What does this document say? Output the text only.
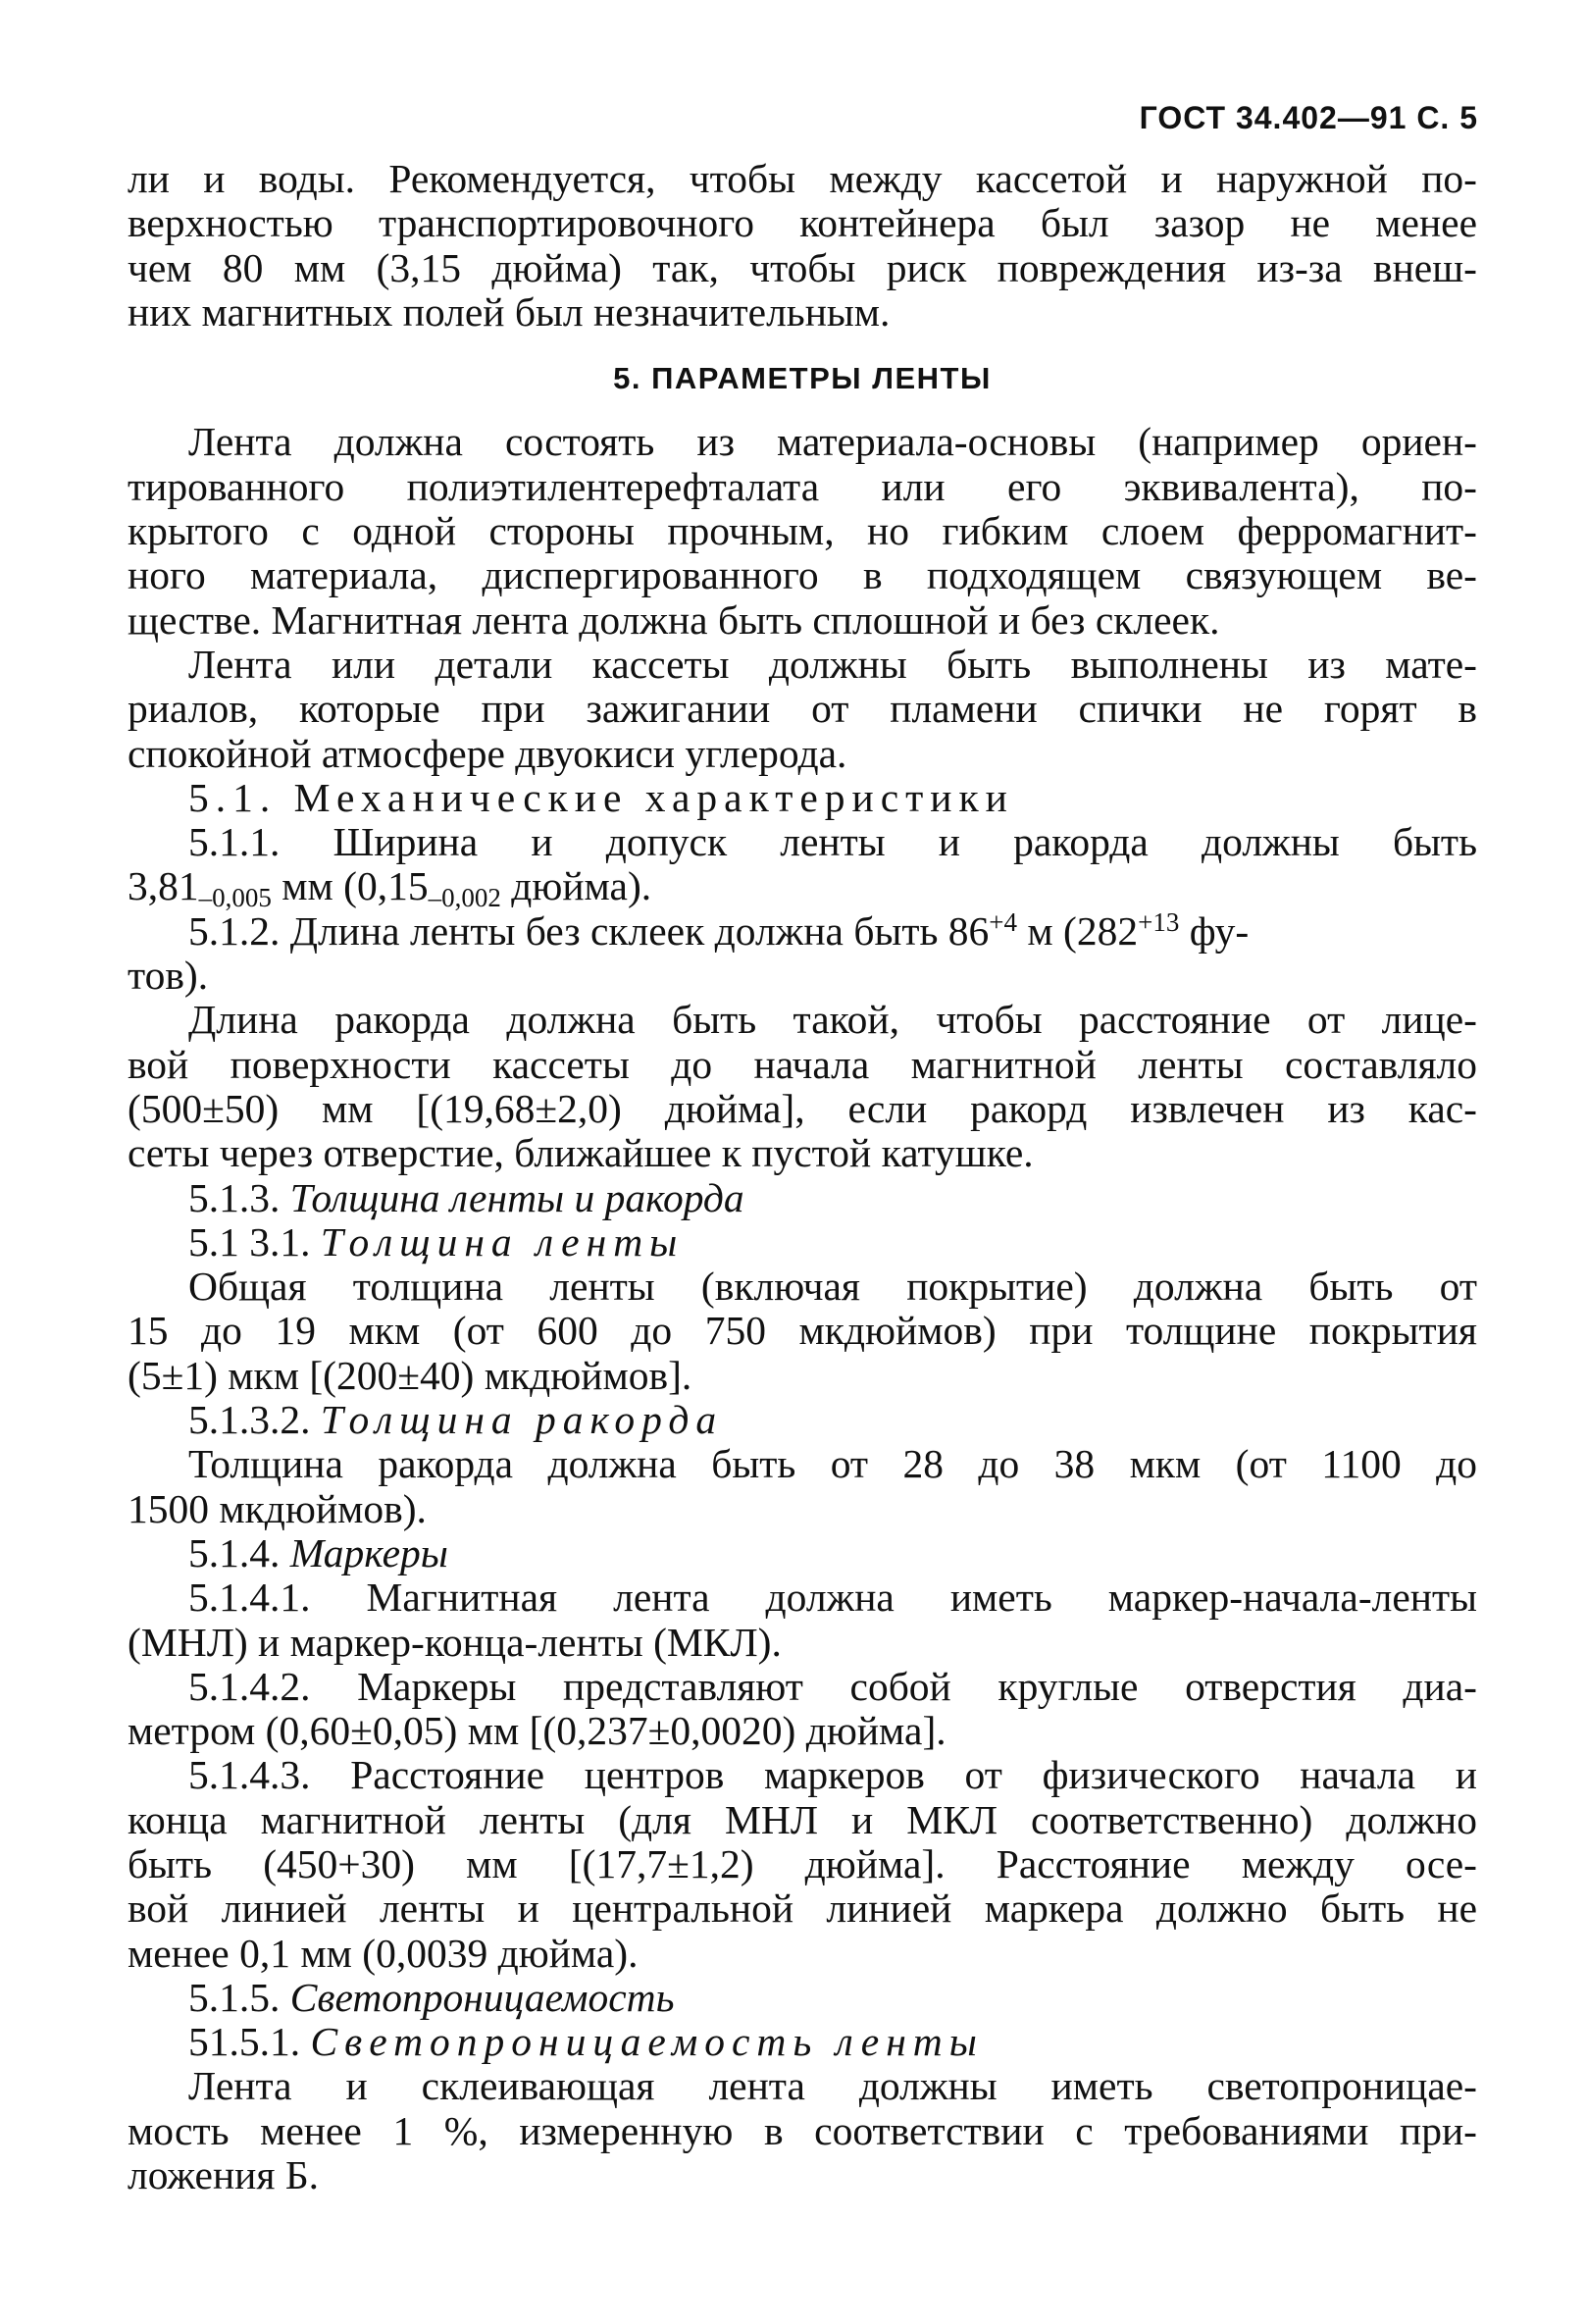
ГОСТ 34.402—91 С. 5
ли и воды. Рекомендуется, чтобы между кассетой и наружной по-
верхностью транспортировочного контейнера был зазор не менее
чем 80 мм (3,15 дюйма) так, чтобы риск повреждения из-за внеш-
них магнитных полей был незначительным.
5. ПАРАМЕТРЫ ЛЕНТЫ
Лента должна состоять из материала-основы (например ориен-
тированного полиэтилентерефталата или его эквивалента), по-
крытого с одной стороны прочным, но гибким слоем ферромагнит-
ного материала, диспергированного в подходящем связующем ве-
ществе. Магнитная лента должна быть сплошной и без склеек.
Лента или детали кассеты должны быть выполнены из мате-
риалов, которые при зажигании от пламени спички не горят в
спокойной атмосфере двуокиси углерода.
5.1. Механические характеристики
5.1.1. Ширина и допуск ленты и ракорда должны быть
$3,81_{-0,005}$ мм ($0,15_{-0,002}$ дюйма).
5.1.2. Длина ленты без склеек должна быть $86^{+4}$ м ($282^{+13}$ фу-
тов).
Длина ракорда должна быть такой, чтобы расстояние от лице-
вой поверхности кассеты до начала магнитной ленты составляло
(500±50) мм [(19,68±2,0) дюйма], если ракорд извлечен из кас-
сеты через отверстие, ближайшее к пустой катушке.
5.1.3. Толщина ленты и ракорда
5.1 3.1. Толщина ленты
Общая толщина ленты (включая покрытие) должна быть от
15 до 19 мкм (от 600 до 750 мкдюймов) при толщине покрытия
(5±1) мкм [(200±40) мкдюймов].
5.1.3.2. Толщина ракорда
Толщина ракорда должна быть от 28 до 38 мкм (от 1100 до
1500 мкдюймов).
5.1.4. Маркеры
5.1.4.1. Магнитная лента должна иметь маркер-начала-ленты
(МНЛ) и маркер-конца-ленты (МКЛ).
5.1.4.2. Маркеры представляют собой круглые отверстия диа-
метром (0,60±0,05) мм [(0,237±0,0020) дюйма].
5.1.4.3. Расстояние центров маркеров от физического начала и
конца магнитной ленты (для МНЛ и МКЛ соответственно) должно
быть (450+30) мм [(17,7±1,2) дюйма]. Расстояние между осе-
вой линией ленты и центральной линией маркера должно быть не
менее 0,1 мм (0,0039 дюйма).
5.1.5. Светопроницаемость
51.5.1. Светопроницаемость ленты
Лента и склеивающая лента должны иметь светопроницае-
мость менее 1 %, измеренную в соответствии с требованиями при-
ложения Б.
